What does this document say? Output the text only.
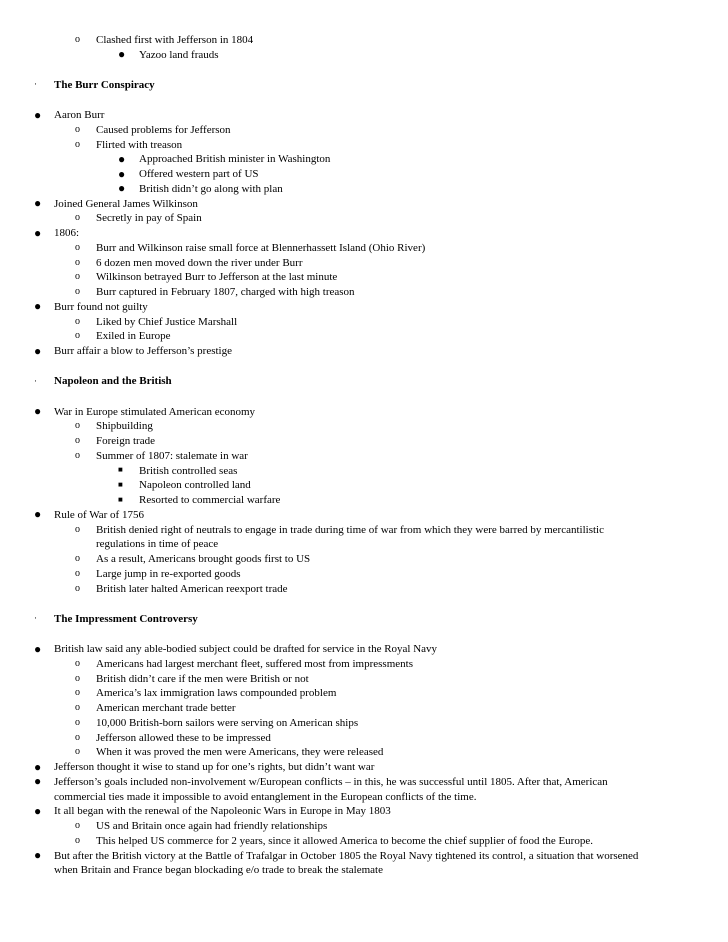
o Clashed first with Jefferson in 1804
● Yazoo land frauds
· The Burr Conspiracy
● Aaron Burr
o Caused problems for Jefferson
o Flirted with treason
● Approached British minister in Washington
● Offered western part of US
● British didn’t go along with plan
● Joined General James Wilkinson
o Secretly in pay of Spain
● 1806:
o Burr and Wilkinson raise small force at Blennerhassett Island (Ohio River)
o 6 dozen men moved down the river under Burr
o Wilkinson betrayed Burr to Jefferson at the last minute
o Burr captured in February 1807, charged with high treason
● Burr found not guilty
o Liked by Chief Justice Marshall
o Exiled in Europe
● Burr affair a blow to Jefferson’s prestige
· Napoleon and the British
● War in Europe stimulated American economy
o Shipbuilding
o Foreign trade
o Summer of 1807: stalemate in war
■ British controlled seas
■ Napoleon controlled land
■ Resorted to commercial warfare
● Rule of War of 1756
o British denied right of neutrals to engage in trade during time of war from which they were barred by mercantilistic
regulations in time of peace
o As a result, Americans brought goods first to US
o Large jump in re-exported goods
o British later halted American reexport trade
· The Impressment Controversy
● British law said any able-bodied subject could be drafted for service in the Royal Navy
o Americans had largest merchant fleet, suffered most from impressments
o British didn’t care if the men were British or not
o America’s lax immigration laws compounded problem
o American merchant trade better
o 10,000 British-born sailors were serving on American ships
o Jefferson allowed these to be impressed
o When it was proved the men were Americans, they were released
● Jefferson thought it wise to stand up for one’s rights, but didn’t want war
● Jefferson’s goals included non-involvement w/European conflicts – in this, he was successful until 1805. After that, American
commercial ties made it impossible to avoid entanglement in the European conflicts of the time.
● It all began with the renewal of the Napoleonic Wars in Europe in May 1803
o US and Britain once again had friendly relationships
o This helped US commerce for 2 years, since it allowed America to become the chief supplier of food the Europe.
● But after the British victory at the Battle of Trafalgar in October 1805 the Royal Navy tightened its control, a situation that worsened
when Britain and France began blockading e/o trade to break the stalemate
